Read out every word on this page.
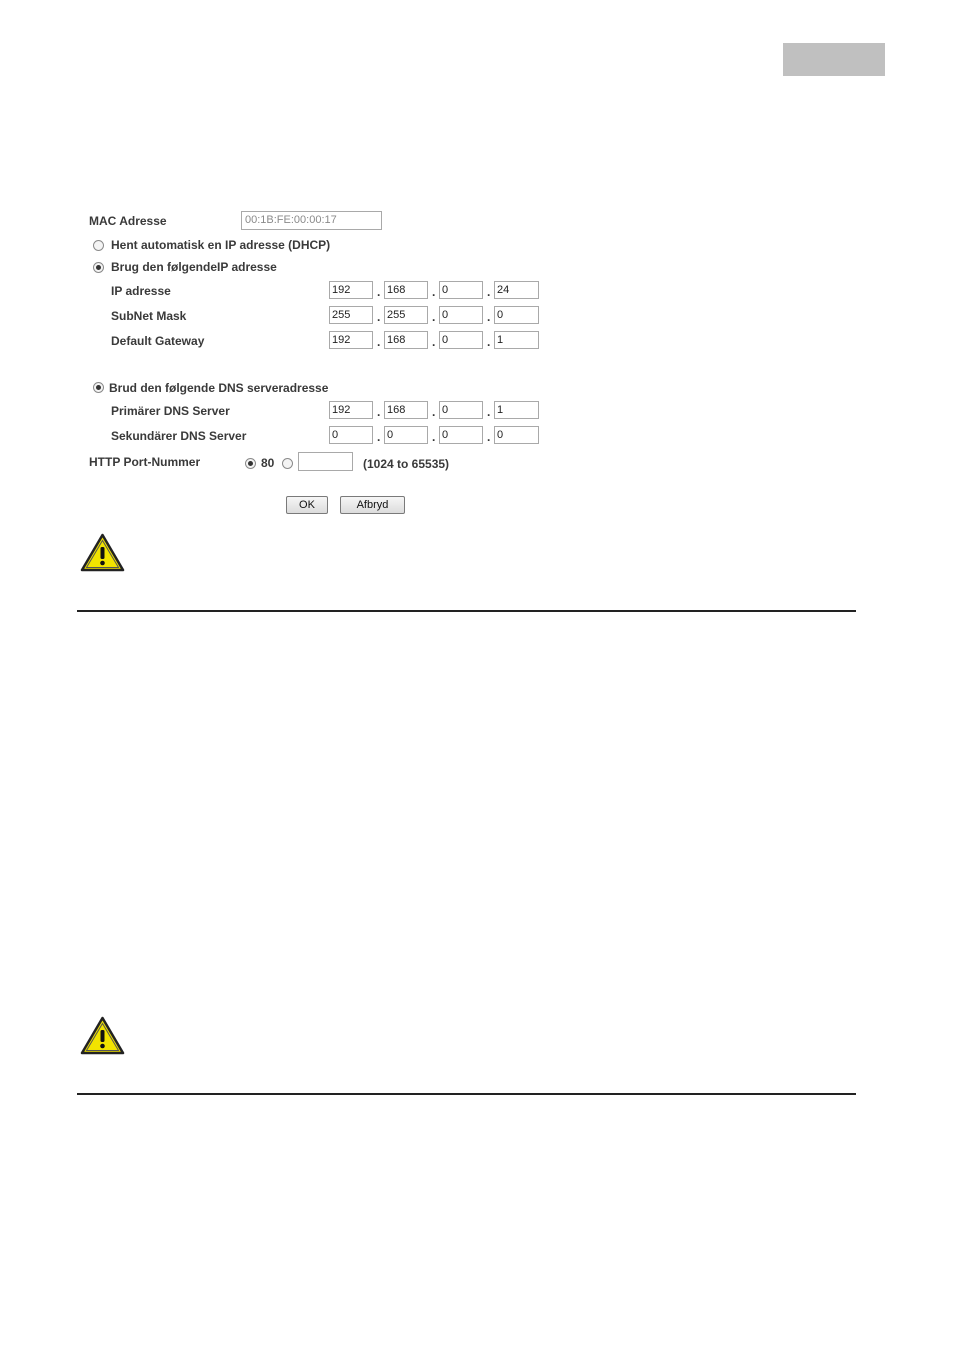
MAC Adresse	00:1B:FE:00:00:17
Hent automatisk en IP adresse (DHCP)
Brug den følgendeIP adresse
IP adresse	192	. 168	. 0	. 24
SubNet Mask	255	. 255	. 0	. 0
Default Gateway	192	. 168	. 0	. 1
Brud den følgende DNS serveradresse
Primärer DNS Server	192	. 168	. 0	. 1
Sekundärer DNS Server	0	. 0	. 0	. 0
HTTP Port-Nummer	80	(1024 to 65535)
OK	Afbryd
